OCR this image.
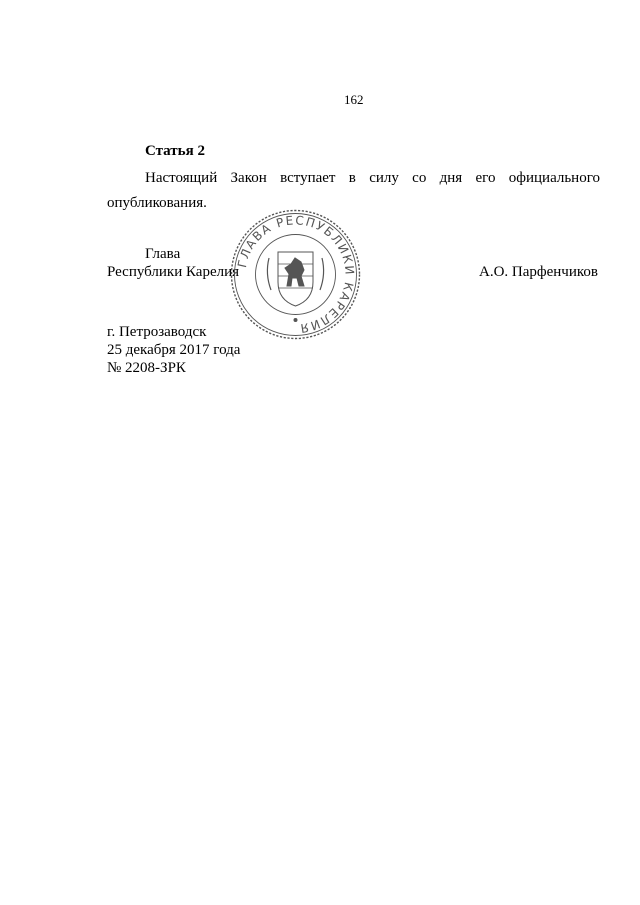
162
Статья 2
Настоящий Закон вступает в силу со дня его официального
опубликования.
Глава
Республики Карелия	А.О. Парфенчиков
ГЛАВА РЕСПУБЛИКИ КАРЕЛИЯ
г. Петрозаводск
25 декабря 2017 года
№ 2208-ЗРК
